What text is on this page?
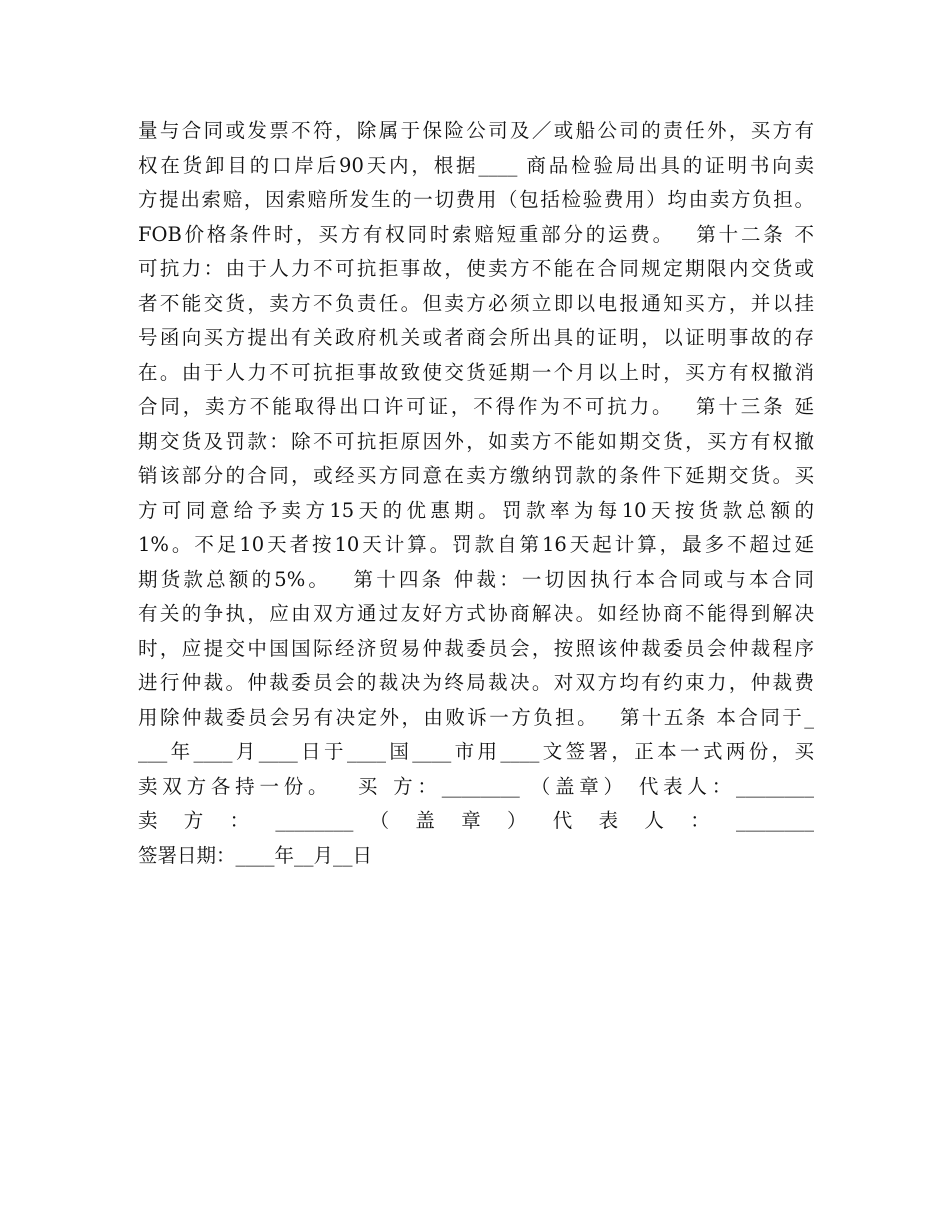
量与合同或发票不符，除属于保险公司及／或船公司的责任外，买方有
权在货卸目的口岸后90天内，根据____ 商品检验局出具的证明书向卖
方提出索赔，因索赔所发生的一切费用（包括检验费用）均由卖方负担。
FOB价格条件时，买方有权同时索赔短重部分的运费。　 第十二条 不
可抗力：由于人力不可抗拒事故，使卖方不能在合同规定期限内交货或
者不能交货，卖方不负责任。但卖方必须立即以电报通知买方，并以挂
号函向买方提出有关政府机关或者商会所出具的证明，以证明事故的存
在。由于人力不可抗拒事故致使交货延期一个月以上时，买方有权撤消
合同，卖方不能取得出口许可证，不得作为不可抗力。　 第十三条 延
期交货及罚款：除不可抗拒原因外，如卖方不能如期交货，买方有权撤
销该部分的合同，或经买方同意在卖方缴纳罚款的条件下延期交货。买
方可同意给予卖方15天的优惠期。罚款率为每10天按货款总额的
1%。不足10天者按10天计算。罚款自第16天起计算，最多不超过延
期货款总额的5%。　 第十四条 仲裁：一切因执行本合同或与本合同
有关的争执，应由双方通过友好方式协商解决。如经协商不能得到解决
时，应提交中国国际经济贸易仲裁委员会，按照该仲裁委员会仲裁程序
进行仲裁。仲裁委员会的裁决为终局裁决。对双方均有约束力，仲裁费
用除仲裁委员会另有决定外，由败诉一方负担。　 第十五条 本合同于_
___年____月____日于____国____市用____文签署，正本一式两份，买
卖双方各持一份。　 买 方：________ （盖章） 代表人：________
卖 方 ： ________ （ 盖 章 ） 代 表 人 ： ________
签署日期：____年__月__日
